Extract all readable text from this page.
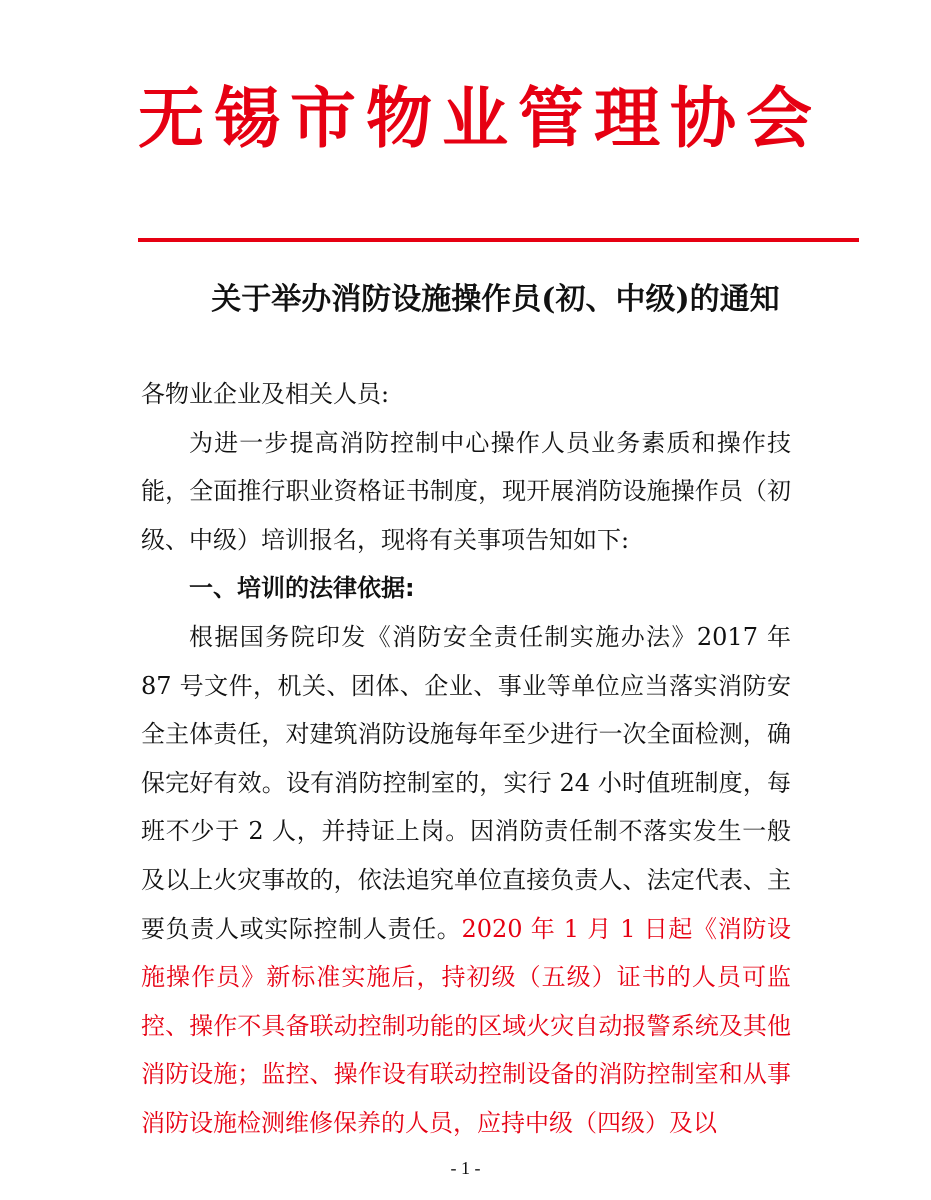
无锡市物业管理协会
关于举办消防设施操作员(初、中级)的通知

各物业企业及相关人员:

为进一步提高消防控制中心操作人员业务素质和操作技能，全面推行职业资格证书制度，现开展消防设施操作员（初级、中级）培训报名，现将有关事项告知如下:

一、培训的法律依据:

根据国务院印发《消防安全责任制实施办法》2017 年 87 号文件，机关、团体、企业、事业等单位应当落实消防安全主体责任，对建筑消防设施每年至少进行一次全面检测，确保完好有效。设有消防控制室的，实行 24 小时值班制度，每班不少于 2 人，并持证上岗。因消防责任制不落实发生一般及以上火灾事故的，依法追究单位直接负责人、法定代表、主要负责人或实际控制人责任。2020 年 1 月 1 日起《消防设施操作员》新标准实施后，持初级（五级）证书的人员可监控、操作不具备联动控制功能的区域火灾自动报警系统及其他消防设施；监控、操作设有联动控制设备的消防控制室和从事消防设施检测维修保养的人员，应持中级（四级）及以

- 1 -
